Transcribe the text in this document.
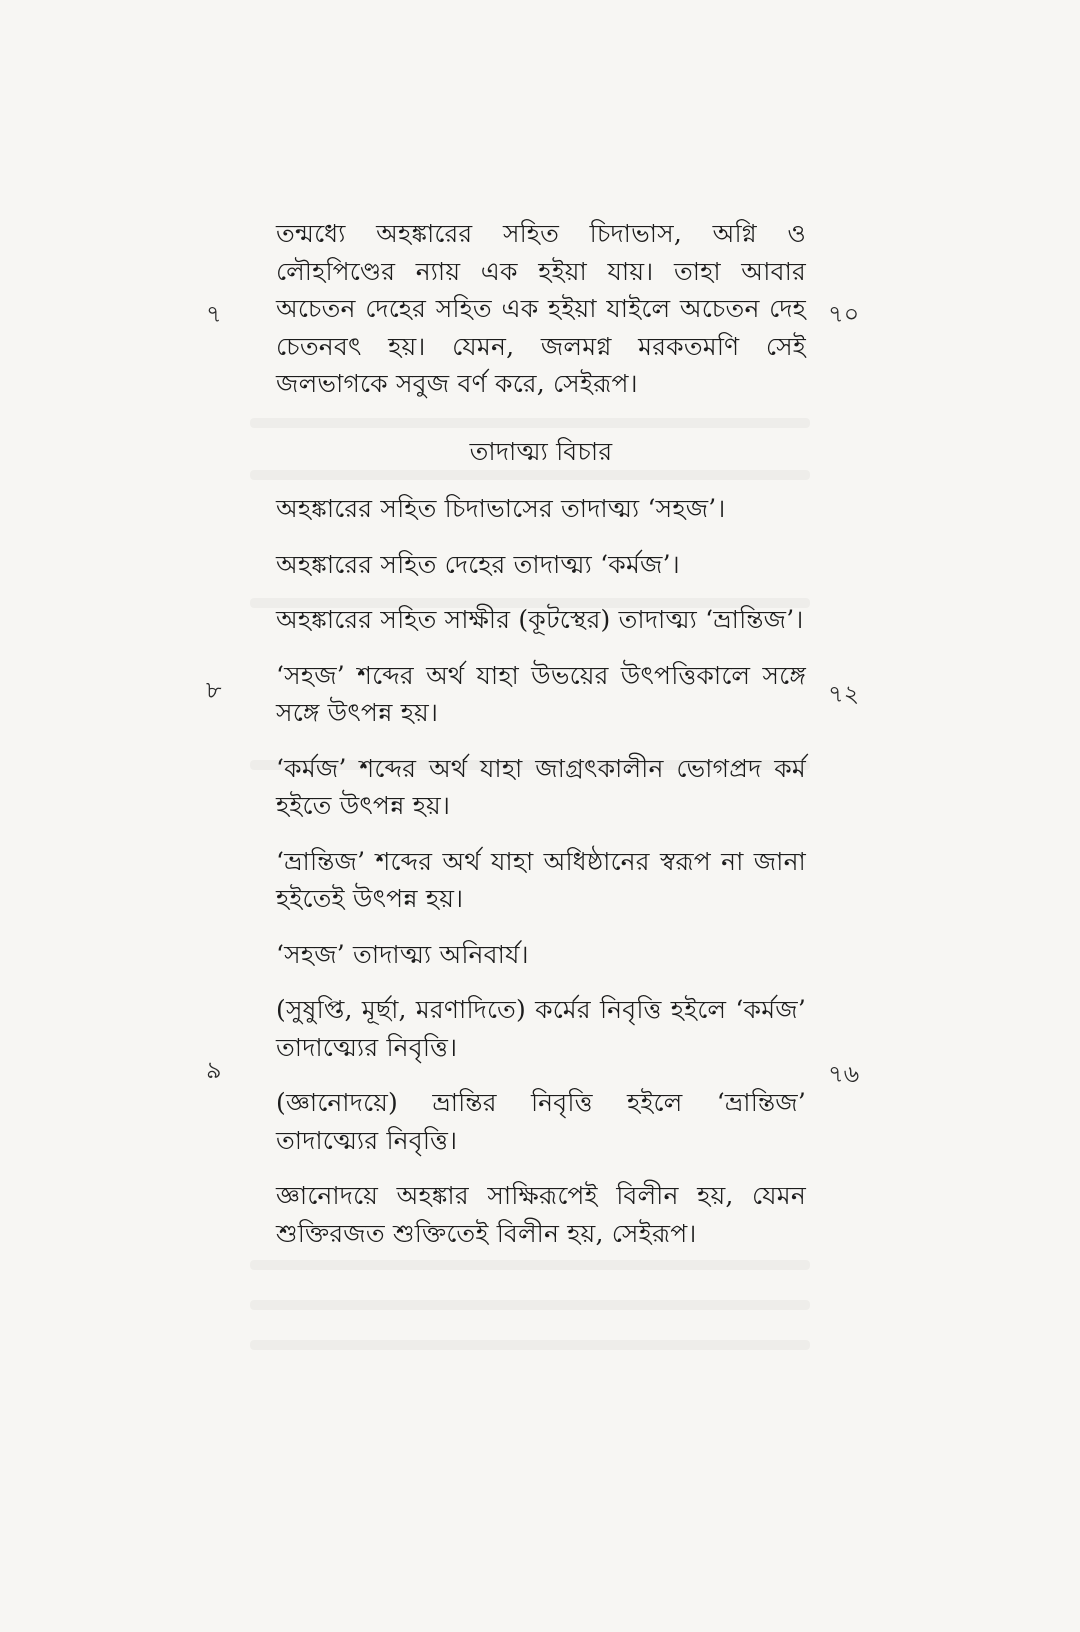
৭	৭০
৮	৭২
৯	৭৬

তন্মধ্যে অহঙ্কারের সহিত চিদাভাস, অগ্নি ও লৌহপিণ্ডের ন্যায় এক হইয়া যায়। তাহা আবার অচেতন দেহের সহিত এক হইয়া যাইলে অচেতন দেহ চেতনবৎ হয়। যেমন, জলমগ্ন মরকতমণি সেই জলভাগকে সবুজ বর্ণ করে, সেইরূপ।

তাদাত্ম্য বিচার

অহঙ্কারের সহিত চিদাভাসের তাদাত্ম্য ‘সহজ’।

অহঙ্কারের সহিত দেহের তাদাত্ম্য ‘কর্মজ’।

অহঙ্কারের সহিত সাক্ষীর (কূটস্থের) তাদাত্ম্য ‘ভ্রান্তিজ’।

‘সহজ’ শব্দের অর্থ যাহা উভয়ের উৎপত্তিকালে সঙ্গে সঙ্গে উৎপন্ন হয়।

‘কর্মজ’ শব্দের অর্থ যাহা জাগ্রৎকালীন ভোগপ্রদ কর্ম হইতে উৎপন্ন হয়।

‘ভ্রান্তিজ’ শব্দের অর্থ যাহা অধিষ্ঠানের স্বরূপ না জানা হইতেই উৎপন্ন হয়।

‘সহজ’ তাদাত্ম্য অনিবার্য।

(সুষুপ্তি, মূর্ছা, মরণাদিতে) কর্মের নিবৃত্তি হইলে ‘কর্মজ’ তাদাত্ম্যের নিবৃত্তি।

(জ্ঞানোদয়ে) ভ্রান্তির নিবৃত্তি হইলে ‘ভ্রান্তিজ’ তাদাত্ম্যের নিবৃত্তি।

জ্ঞানোদয়ে অহঙ্কার সাক্ষিরূপেই বিলীন হয়, যেমন শুক্তিরজত শুক্তিতেই বিলীন হয়, সেইরূপ।
